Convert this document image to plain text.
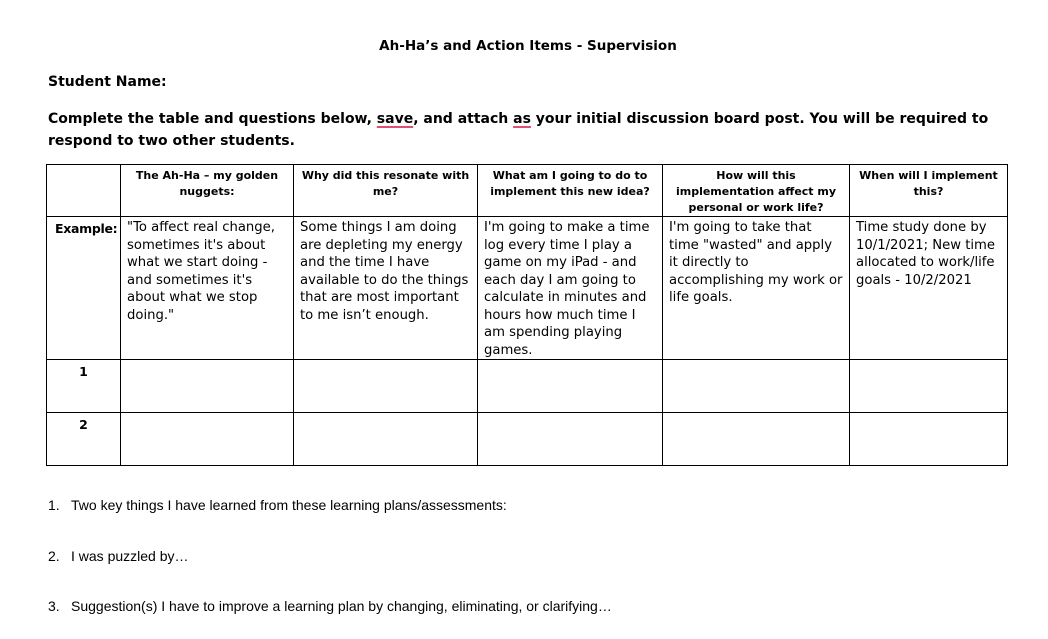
Ah-Ha’s and Action Items - Supervision

Student Name:

Complete the table and questions below, save, and attach as your initial discussion board post. You will be required to respond to two other students.

	The Ah-Ha – my golden nuggets:	Why did this resonate with me?	What am I going to do to implement this new idea?	How will this implementation affect my personal or work life?	When will I implement this?
Example:	"To affect real change, sometimes it's about what we start doing - and sometimes it's about what we stop doing."	Some things I am doing are depleting my energy and the time I have available to do the things that are most important to me isn’t enough.	I'm going to make a time log every time I play a game on my iPad - and each day I am going to calculate in minutes and hours how much time I am spending playing games.	I'm going to take that time "wasted" and apply it directly to accomplishing my work or life goals.	Time study done by 10/1/2021; New time allocated to work/life goals - 10/2/2021
1					
2					
1. Two key things I have learned from these learning plans/assessments:
2. I was puzzled by…
3. Suggestion(s) I have to improve a learning plan by changing, eliminating, or clarifying…
